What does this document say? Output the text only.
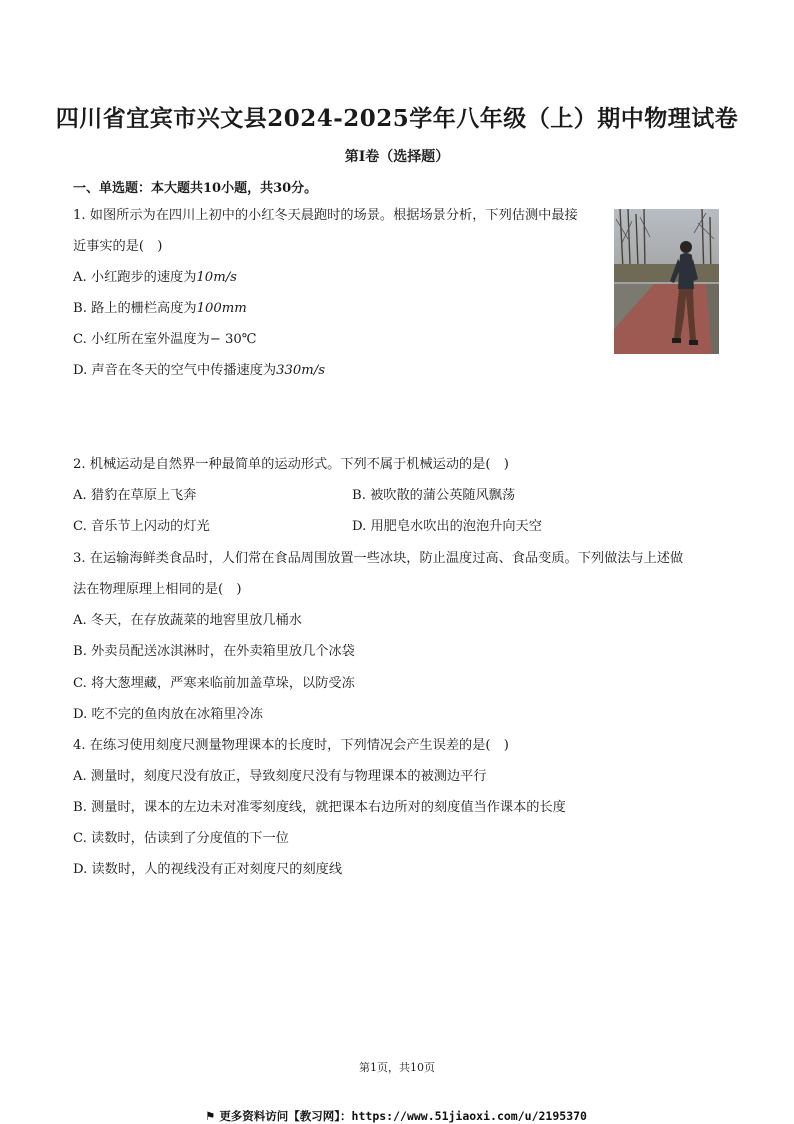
四川省宜宾市兴文县2024-2025学年八年级（上）期中物理试卷
第I卷（选择题）
一、单选题：本大题共10小题，共30分。
1. 如图所示为在四川上初中的小红冬天晨跑时的场景。根据场景分析，下列估测中最接
近事实的是(　)
A. 小红跑步的速度为10m/s
B. 路上的栅栏高度为100mm
C. 小红所在室外温度为− 30℃
D. 声音在冬天的空气中传播速度为330m/s
2. 机械运动是自然界一种最简单的运动形式。下列不属于机械运动的是(　)
A. 猎豹在草原上飞奔	B. 被吹散的蒲公英随风飘荡
C. 音乐节上闪动的灯光	D. 用肥皂水吹出的泡泡升向天空
3. 在运输海鲜类食品时，人们常在食品周围放置一些冰块，防止温度过高、食品变质。下列做法与上述做
法在物理原理上相同的是(　)
A. 冬天，在存放蔬菜的地窖里放几桶水
B. 外卖员配送冰淇淋时，在外卖箱里放几个冰袋
C. 将大葱埋藏，严寒来临前加盖草垛，以防受冻
D. 吃不完的鱼肉放在冰箱里冷冻
4. 在练习使用刻度尺测量物理课本的长度时，下列情况会产生误差的是(　)
A. 测量时，刻度尺没有放正，导致刻度尺没有与物理课本的被测边平行
B. 测量时，课本的左边未对准零刻度线，就把课本右边所对的刻度值当作课本的长度
C. 读数时，估读到了分度值的下一位
D. 读数时，人的视线没有正对刻度尺的刻度线
第1页，共10页
⚑ 更多资料访问【教习网】：https://www.51jiaoxi.com/u/2195370
